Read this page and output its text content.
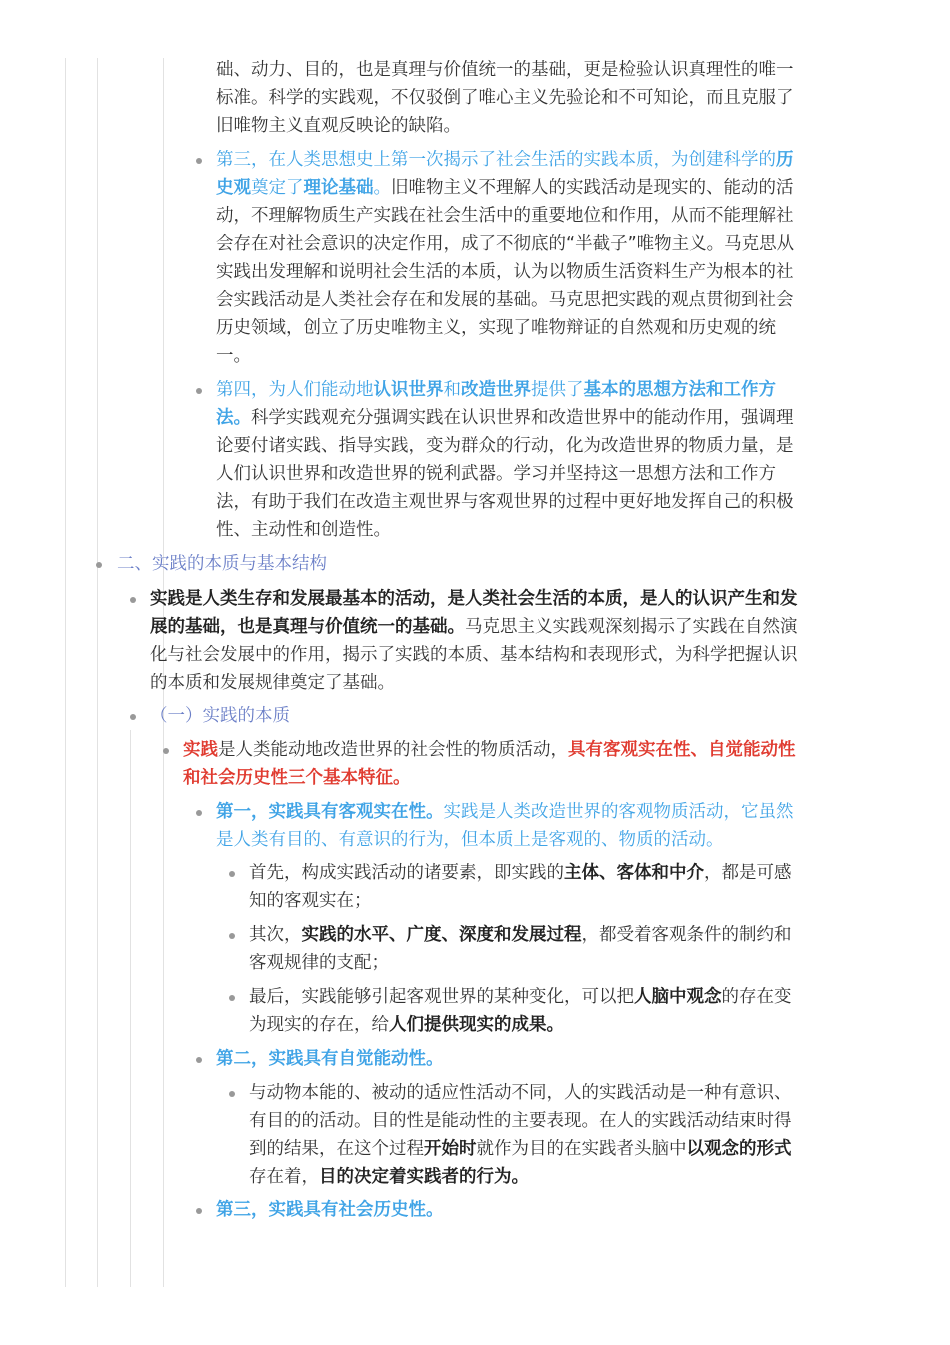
础、动力、目的，也是真理与价值统一的基础，更是检验认识真理性的唯一标准。科学的实践观，不仅驳倒了唯心主义先验论和不可知论，而且克服了旧唯物主义直观反映论的缺陷。
第三，在人类思想史上第一次揭示了社会生活的实践本质，为创建科学的历史观奠定了理论基础。旧唯物主义不理解人的实践活动是现实的、能动的活动，不理解物质生产实践在社会生活中的重要地位和作用，从而不能理解社会存在对社会意识的决定作用，成了不彻底的“半截子”唯物主义。马克思从实践出发理解和说明社会生活的本质，认为以物质生活资料生产为根本的社会实践活动是人类社会存在和发展的基础。马克思把实践的观点贯彻到社会历史领域，创立了历史唯物主义，实现了唯物辩证的自然观和历史观的统一。
第四，为人们能动地认识世界和改造世界提供了基本的思想方法和工作方法。科学实践观充分强调实践在认识世界和改造世界中的能动作用，强调理论要付诸实践、指导实践，变为群众的行动，化为改造世界的物质力量，是人们认识世界和改造世界的锐利武器。学习并坚持这一思想方法和工作方法，有助于我们在改造主观世界与客观世界的过程中更好地发挥自己的积极性、主动性和创造性。
二、实践的本质与基本结构
实践是人类生存和发展最基本的活动，是人类社会生活的本质，是人的认识产生和发展的基础，也是真理与价值统一的基础。马克思主义实践观深刻揭示了实践在自然演化与社会发展中的作用，揭示了实践的本质、基本结构和表现形式，为科学把握认识的本质和发展规律奠定了基础。
（一）实践的本质
实践是人类能动地改造世界的社会性的物质活动，具有客观实在性、自觉能动性和社会历史性三个基本特征。
第一，实践具有客观实在性。实践是人类改造世界的客观物质活动，它虽然是人类有目的、有意识的行为，但本质上是客观的、物质的活动。
首先，构成实践活动的诸要素，即实践的主体、客体和中介，都是可感知的客观实在；
其次，实践的水平、广度、深度和发展过程，都受着客观条件的制约和客观规律的支配；
最后，实践能够引起客观世界的某种变化，可以把人脑中观念的存在变为现实的存在，给人们提供现实的成果。
第二，实践具有自觉能动性。
与动物本能的、被动的适应性活动不同，人的实践活动是一种有意识、有目的的活动。目的性是能动性的主要表现。在人的实践活动结束时得到的结果，在这个过程开始时就作为目的在实践者头脑中以观念的形式存在着，目的决定着实践者的行为。
第三，实践具有社会历史性。
